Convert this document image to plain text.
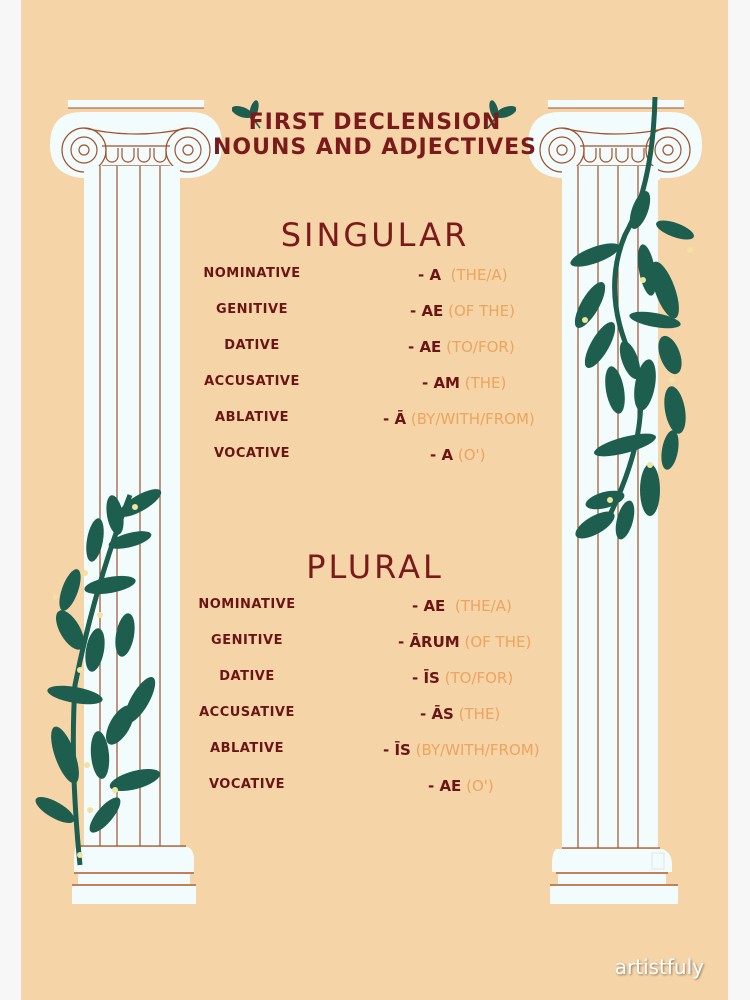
FIRST DECLENSION
NOUNS AND ADJECTIVES
SINGULAR
NOMINATIVE	- A (THE/A)
GENITIVE	- AE (OF THE)
DATIVE	- AE (TO/FOR)
ACCUSATIVE	- AM (THE)
ABLATIVE	- Ā (BY/WITH/FROM)
VOCATIVE	- A (O')
PLURAL
NOMINATIVE	- AE (THE/A)
GENITIVE	- ĀRUM (OF THE)
DATIVE	- ĪS (TO/FOR)
ACCUSATIVE	- ĀS (THE)
ABLATIVE	- ĪS (BY/WITH/FROM)
VOCATIVE	- AE (O')
artistfuly
